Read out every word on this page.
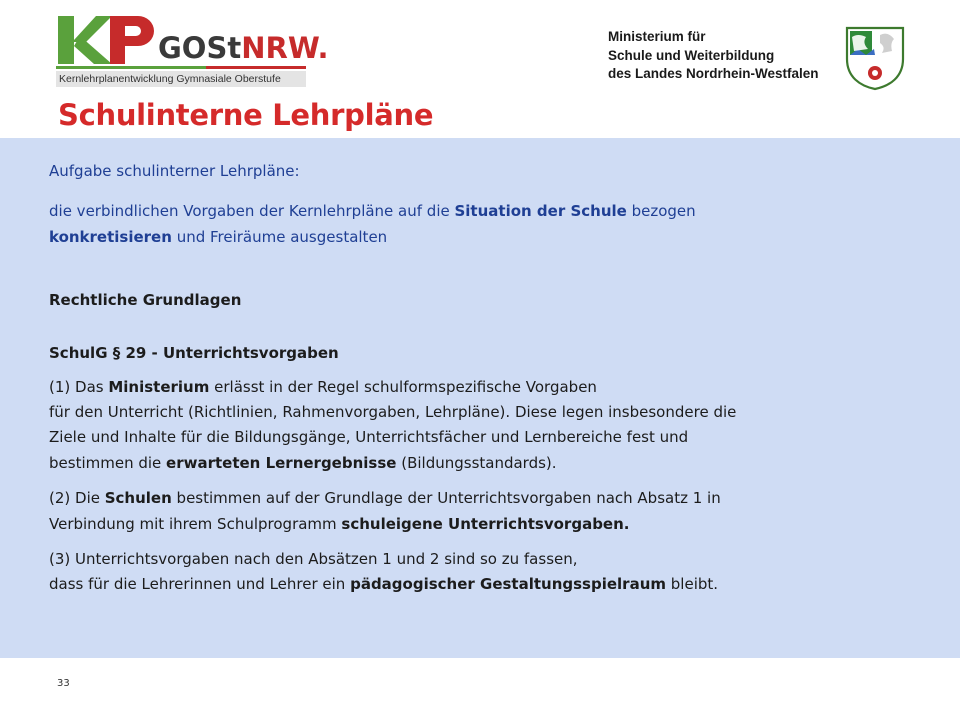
GOStNRW.
Kernlehrplanentwicklung Gymnasiale Oberstufe
Ministerium für
Schule und Weiterbildung
des Landes Nordrhein-Westfalen
Schulinterne Lehrpläne

Aufgabe schulinterner Lehrpläne:

die verbindlichen Vorgaben der Kernlehrpläne auf die Situation der Schule bezogen

konkretisieren und Freiräume ausgestalten

Rechtliche Grundlagen

SchulG § 29 - Unterrichtsvorgaben

(1) Das Ministerium erlässt in der Regel schulformspezifische Vorgaben

für den Unterricht (Richtlinien, Rahmenvorgaben, Lehrpläne). Diese legen insbesondere die

Ziele und Inhalte für die Bildungsgänge, Unterrichtsfächer und Lernbereiche fest und

bestimmen die erwarteten Lernergebnisse (Bildungsstandards).

(2) Die Schulen bestimmen auf der Grundlage der Unterrichtsvorgaben nach Absatz 1 in

Verbindung mit ihrem Schulprogramm schuleigene Unterrichtsvorgaben.

(3) Unterrichtsvorgaben nach den Absätzen 1 und 2 sind so zu fassen,

dass für die Lehrerinnen und Lehrer ein pädagogischer Gestaltungsspielraum bleibt.

33
